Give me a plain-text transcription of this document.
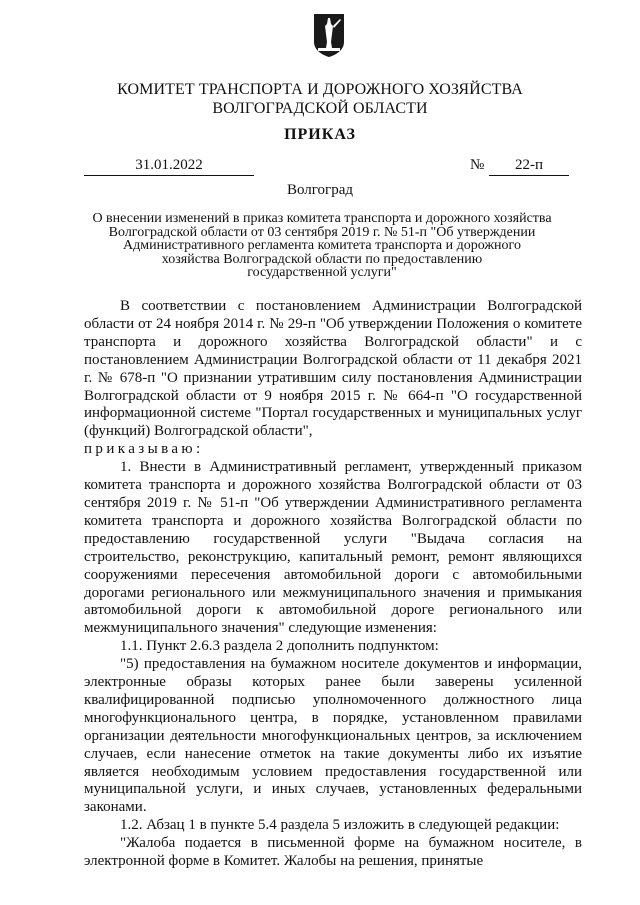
КОМИТЕТ ТРАНСПОРТА И ДОРОЖНОГО ХОЗЯЙСТВА
ВОЛГОГРАДСКОЙ ОБЛАСТИ
ПРИКАЗ
31.01.2022	№	22-п
Волгоград
О внесении изменений в приказ комитета транспорта и дорожного хозяйства
Волгоградской области от 03 сентября 2019 г. № 51-п "Об утверждении
Административного регламента комитета транспорта и дорожного
хозяйства Волгоградской области по предоставлению
государственной услуги"

В соответствии с постановлением Администрации Волгоградской области от 24 ноября 2014 г. № 29-п "Об утверждении Положения о комитете транспорта и дорожного хозяйства Волгоградской области" и с постановлением Администрации Волгоградской области от 11 декабря 2021 г. № 678-п "О признании утратившим силу постановления Администрации Волгоградской области от 9 ноября 2015 г. № 664-п "О государственной информационной системе "Портал государственных и муниципальных услуг (функций) Волгоградской области",

приказываю:

1. Внести в Административный регламент, утвержденный приказом комитета транспорта и дорожного хозяйства Волгоградской области от 03 сентября 2019 г. № 51-п "Об утверждении Административного регламента комитета транспорта и дорожного хозяйства Волгоградской области по предоставлению государственной услуги "Выдача согласия на строительство, реконструкцию, капитальный ремонт, ремонт являющихся сооружениями пересечения автомобильной дороги с автомобильными дорогами регионального или межмуниципального значения и примыкания автомобильной дороги к автомобильной дороге регионального или межмуниципального значения" следующие изменения:

1.1. Пункт 2.6.3 раздела 2 дополнить подпунктом:

"5) предоставления на бумажном носителе документов и информации, электронные образы которых ранее были заверены усиленной квалифицированной подписью уполномоченного должностного лица многофункционального центра, в порядке, установленном правилами организации деятельности многофункциональных центров, за исключением случаев, если нанесение отметок на такие документы либо их изъятие является необходимым условием предоставления государственной или муниципальной услуги, и иных случаев, установленных федеральными законами.

1.2. Абзац 1 в пункте 5.4 раздела 5 изложить в следующей редакции:

"Жалоба подается в письменной форме на бумажном носителе, в электронной форме в Комитет. Жалобы на решения, принятые
